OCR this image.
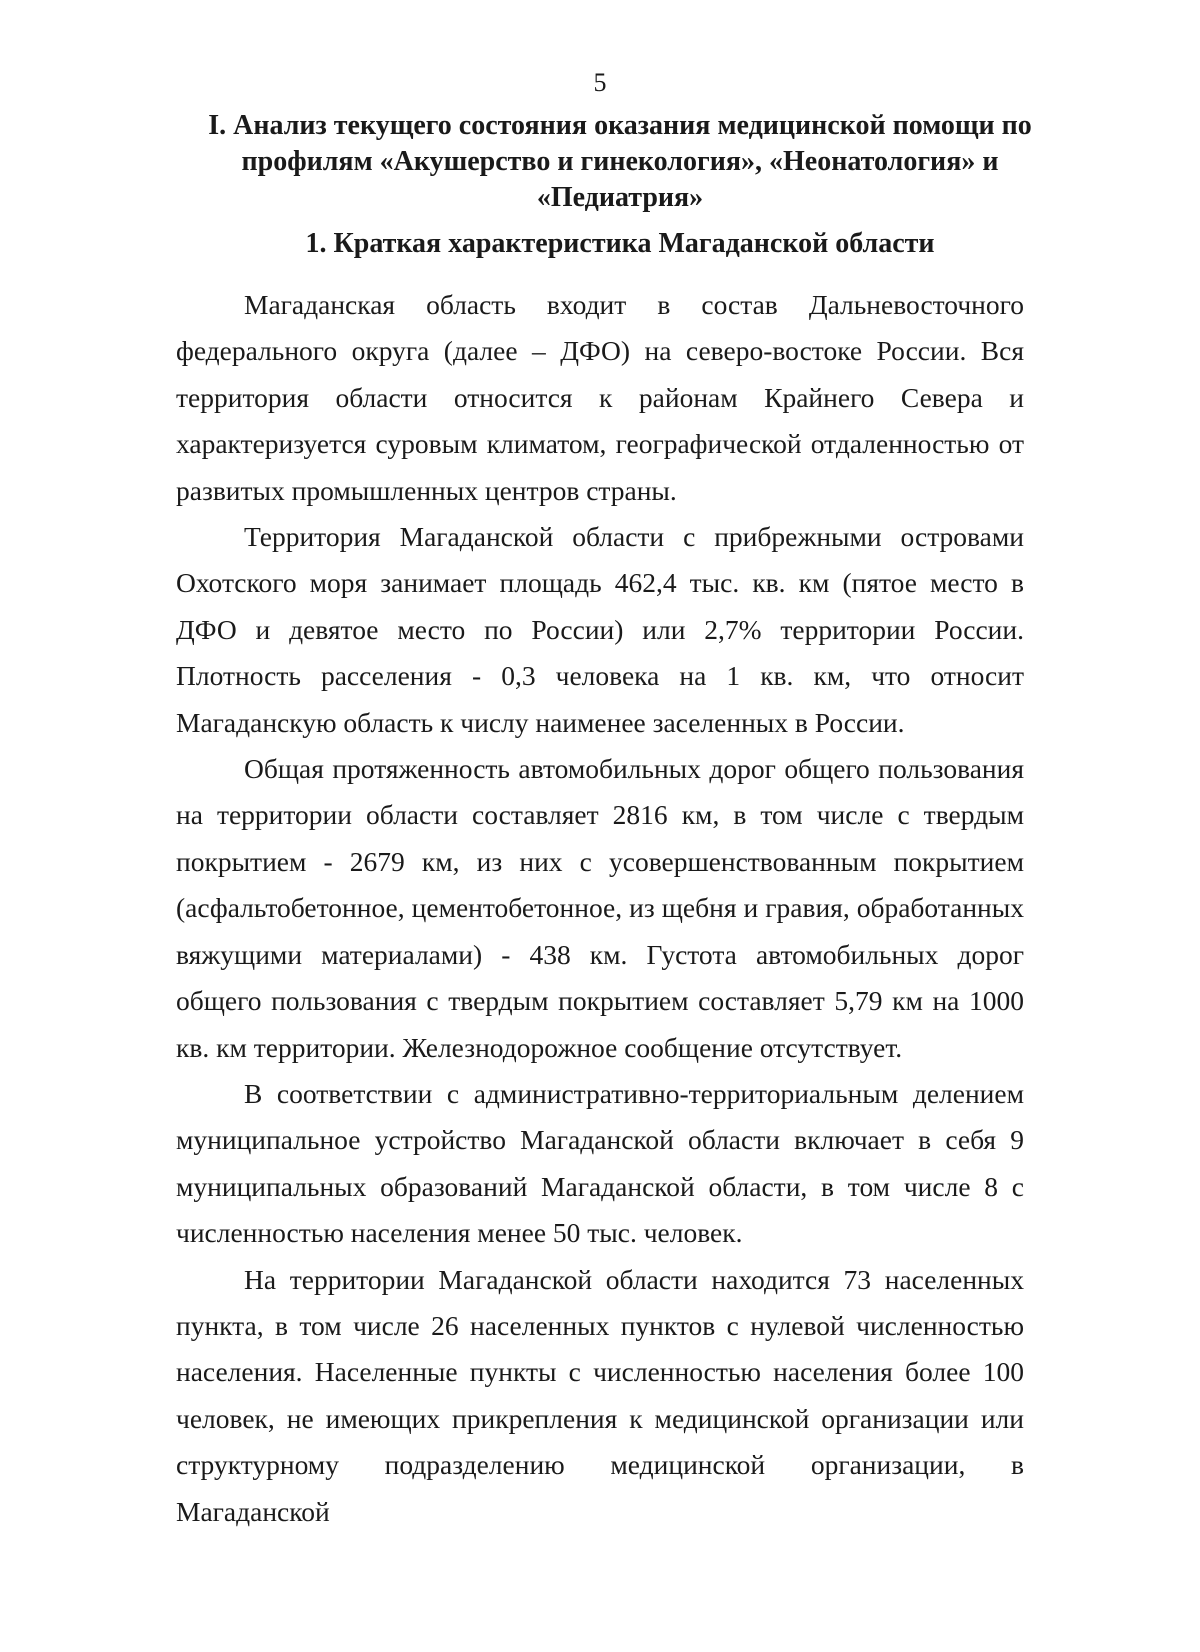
5
I. Анализ текущего состояния оказания медицинской помощи по профилям «Акушерство и гинекология», «Неонатология» и «Педиатрия»
1. Краткая характеристика Магаданской области

Магаданская область входит в состав Дальневосточного федерального округа (далее – ДФО) на северо-востоке России. Вся территория области относится к районам Крайнего Севера и характеризуется суровым климатом, географической отдаленностью от развитых промышленных центров страны.

Территория Магаданской области с прибрежными островами Охотского моря занимает площадь 462,4 тыс. кв. км (пятое место в ДФО и девятое место по России) или 2,7% территории России. Плотность расселения - 0,3 человека на 1 кв. км, что относит Магаданскую область к числу наименее заселенных в России.

Общая протяженность автомобильных дорог общего пользования на территории области составляет 2816 км, в том числе с твердым покрытием - 2679 км, из них с усовершенствованным покрытием (асфальтобетонное, цементобетонное, из щебня и гравия, обработанных вяжущими материалами) - 438 км. Густота автомобильных дорог общего пользования с твердым покрытием составляет 5,79 км на 1000 кв. км территории. Железнодорожное сообщение отсутствует.

В соответствии с административно-территориальным делением муниципальное устройство Магаданской области включает в себя 9 муниципальных образований Магаданской области, в том числе 8 с численностью населения менее 50 тыс. человек.

На территории Магаданской области находится 73 населенных пункта, в том числе 26 населенных пунктов с нулевой численностью населения. Населенные пункты с численностью населения более 100 человек, не имеющих прикрепления к медицинской организации или структурному подразделению медицинской организации, в Магаданской
